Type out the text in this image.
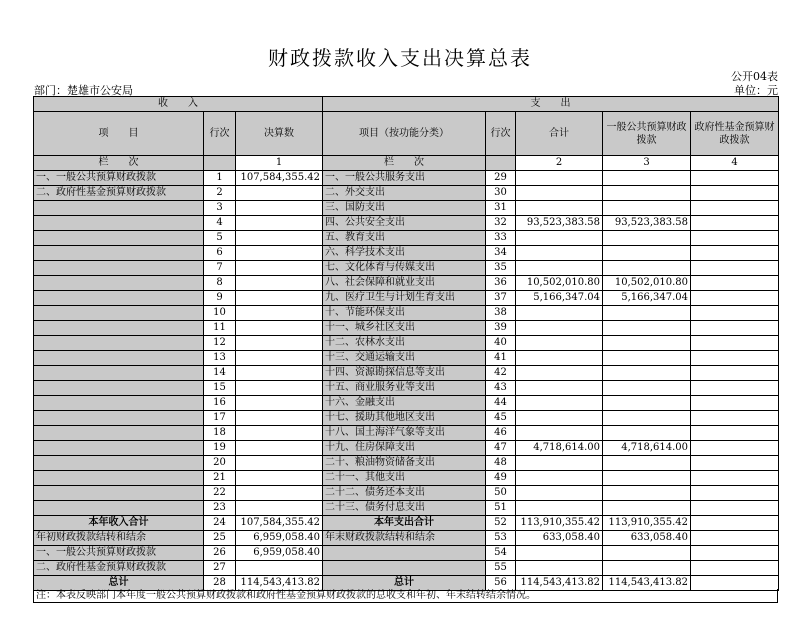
财政拨款收入支出决算总表
公开04表
部门：楚雄市公安局	单位：元
收　　入			支　　出				
项　　目	行次	决算数	项目（按功能分类）	行次	合计	一般公共预算财政拨款	政府性基金预算财政拨款
栏　　次		1	栏　　次		2	3	4
一、一般公共预算财政拨款	1	107,584,355.42	一、一般公共服务支出	29			
二、政府性基金预算财政拨款	2		二、外交支出	30			
	3		三、国防支出	31			
	4		四、公共安全支出	32	93,523,383.58	93,523,383.58	
	5		五、教育支出	33			
	6		六、科学技术支出	34			
	7		七、文化体育与传媒支出	35			
	8		八、社会保障和就业支出	36	10,502,010.80	10,502,010.80	
	9		九、医疗卫生与计划生育支出	37	5,166,347.04	5,166,347.04	
	10		十、节能环保支出	38			
	11		十一、城乡社区支出	39			
	12		十二、农林水支出	40			
	13		十三、交通运输支出	41			
	14		十四、资源勘探信息等支出	42			
	15		十五、商业服务业等支出	43			
	16		十六、金融支出	44			
	17		十七、援助其他地区支出	45			
	18		十八、国土海洋气象等支出	46			
	19		十九、住房保障支出	47	4,718,614.00	4,718,614.00	
	20		二十、粮油物资储备支出	48			
	21		二十一、其他支出	49			
	22		二十二、债务还本支出	50			
	23		二十三、债务付息支出	51			
本年收入合计	24	107,584,355.42	本年支出合计	52	113,910,355.42	113,910,355.42	
年初财政拨款结转和结余	25	6,959,058.40	年末财政拨款结转和结余	53	633,058.40	633,058.40	
一、一般公共预算财政拨款	26	6,959,058.40		54			
二、政府性基金预算财政拨款	27			55			
总计	28	114,543,413.82	总计	56	114,543,413.82	114,543,413.82	
注：本表反映部门本年度一般公共预算财政拨款和政府性基金预算财政拨款的总收支和年初、年末结转结余情况。
